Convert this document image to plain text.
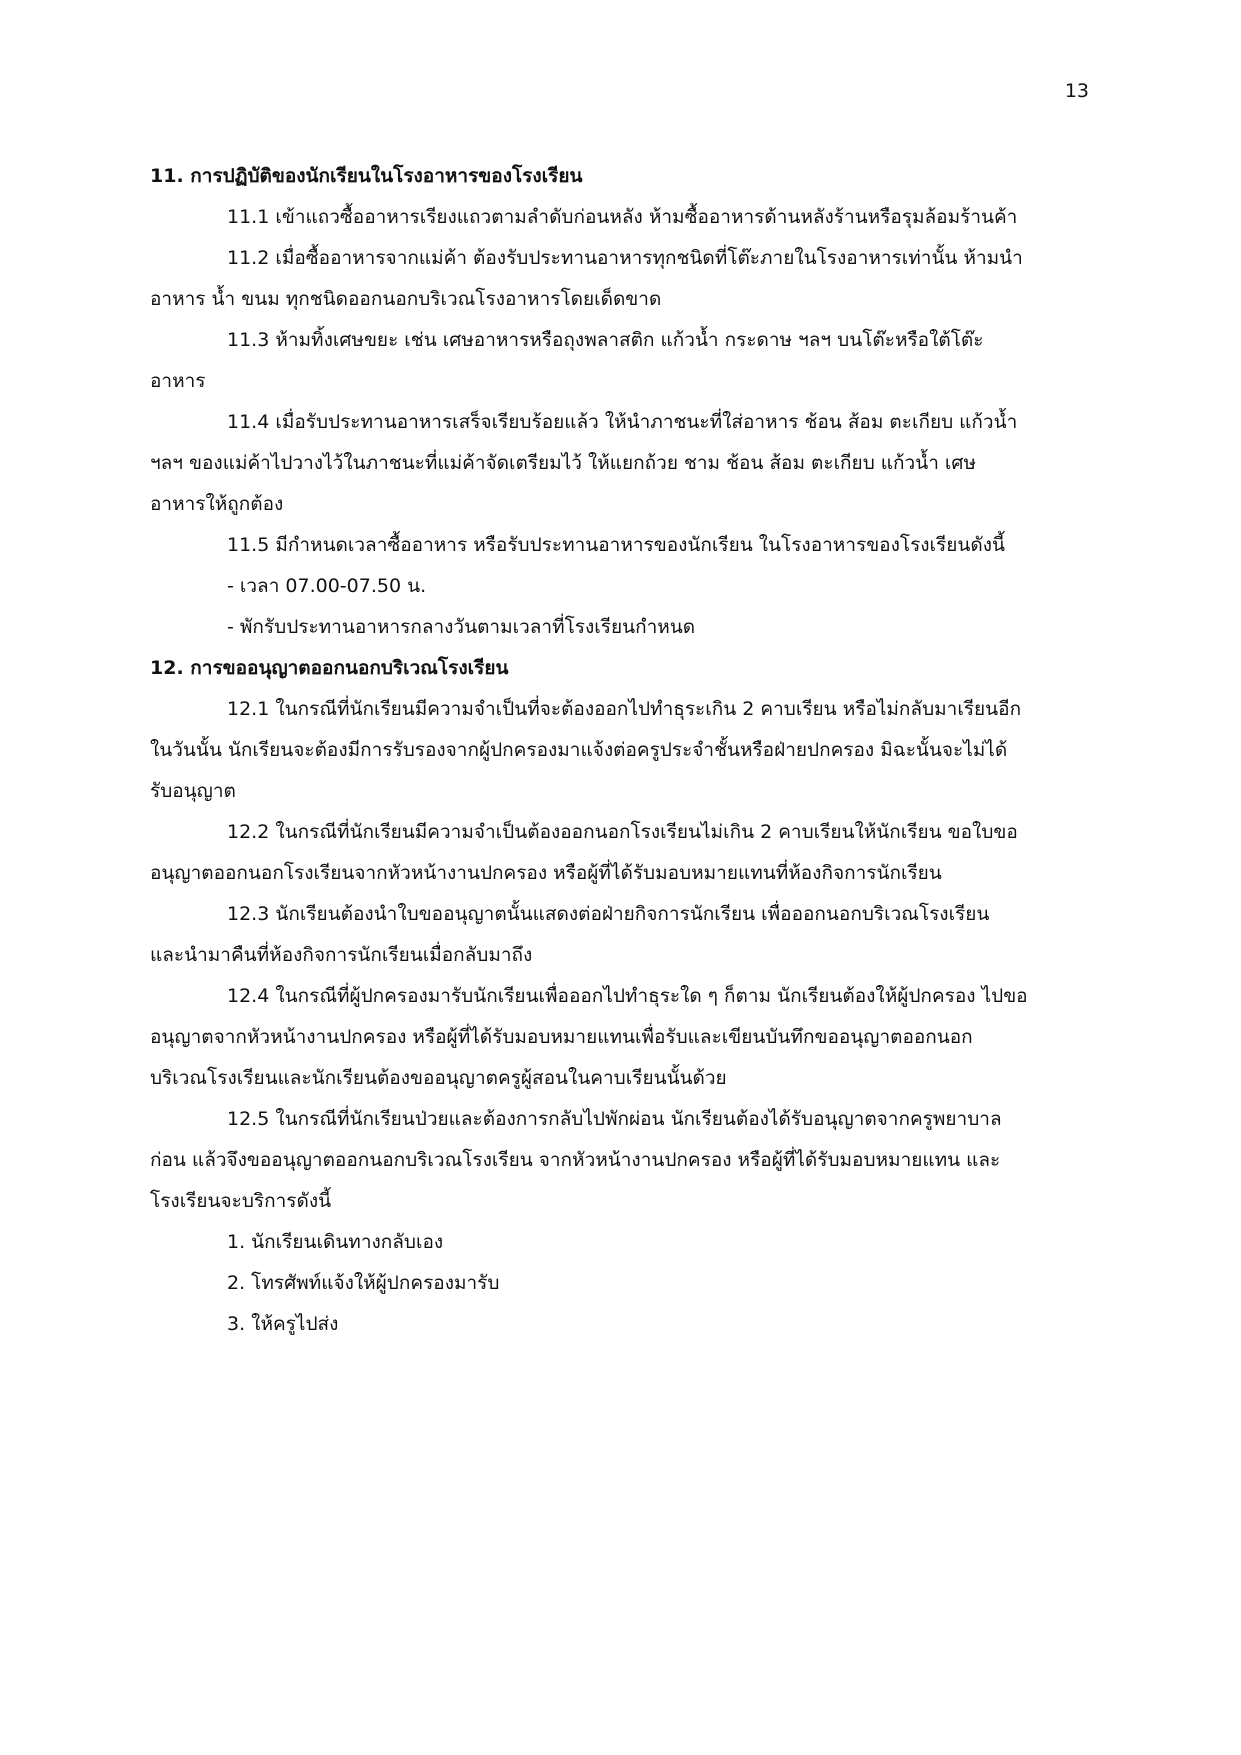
13
11. การปฏิบัติของนักเรียนในโรงอาหารของโรงเรียน
11.1 เข้าแถวซื้ออาหารเรียงแถวตามลำดับก่อนหลัง ห้ามซื้ออาหารด้านหลังร้านหรือรุมล้อมร้านค้า
11.2 เมื่อซื้ออาหารจากแม่ค้า ต้องรับประทานอาหารทุกชนิดที่โต๊ะภายในโรงอาหารเท่านั้น ห้ามนำ
อาหาร น้ำ ขนม ทุกชนิดออกนอกบริเวณโรงอาหารโดยเด็ดขาด
11.3 ห้ามทิ้งเศษขยะ เช่น เศษอาหารหรือถุงพลาสติก แก้วน้ำ กระดาษ ฯลฯ บนโต๊ะหรือใต้โต๊ะ
อาหาร
11.4 เมื่อรับประทานอาหารเสร็จเรียบร้อยแล้ว ให้นำภาชนะที่ใส่อาหาร ช้อน ส้อม ตะเกียบ แก้วน้ำ
ฯลฯ ของแม่ค้าไปวางไว้ในภาชนะที่แม่ค้าจัดเตรียมไว้ ให้แยกถ้วย ชาม ช้อน ส้อม ตะเกียบ แก้วน้ำ เศษ
อาหารให้ถูกต้อง
11.5 มีกำหนดเวลาซื้ออาหาร หรือรับประทานอาหารของนักเรียน ในโรงอาหารของโรงเรียนดังนี้
- เวลา 07.00-07.50 น.
- พักรับประทานอาหารกลางวันตามเวลาที่โรงเรียนกำหนด
12. การขออนุญาตออกนอกบริเวณโรงเรียน
12.1 ในกรณีที่นักเรียนมีความจำเป็นที่จะต้องออกไปทำธุระเกิน 2 คาบเรียน หรือไม่กลับมาเรียนอีก
ในวันนั้น นักเรียนจะต้องมีการรับรองจากผู้ปกครองมาแจ้งต่อครูประจำชั้นหรือฝ่ายปกครอง มิฉะนั้นจะไม่ได้
รับอนุญาต
12.2 ในกรณีที่นักเรียนมีความจำเป็นต้องออกนอกโรงเรียนไม่เกิน 2 คาบเรียนให้นักเรียน ขอใบขอ
อนุญาตออกนอกโรงเรียนจากหัวหน้างานปกครอง หรือผู้ที่ได้รับมอบหมายแทนที่ห้องกิจการนักเรียน
12.3 นักเรียนต้องนำใบขออนุญาตนั้นแสดงต่อฝ่ายกิจการนักเรียน เพื่อออกนอกบริเวณโรงเรียน
และนำมาคืนที่ห้องกิจการนักเรียนเมื่อกลับมาถึง
12.4 ในกรณีที่ผู้ปกครองมารับนักเรียนเพื่อออกไปทำธุระใด ๆ ก็ตาม นักเรียนต้องให้ผู้ปกครอง ไปขอ
อนุญาตจากหัวหน้างานปกครอง หรือผู้ที่ได้รับมอบหมายแทนเพื่อรับและเขียนบันทึกขออนุญาตออกนอก
บริเวณโรงเรียนและนักเรียนต้องขออนุญาตครูผู้สอนในคาบเรียนนั้นด้วย
12.5 ในกรณีที่นักเรียนป่วยและต้องการกลับไปพักผ่อน นักเรียนต้องได้รับอนุญาตจากครูพยาบาล
ก่อน แล้วจึงขออนุญาตออกนอกบริเวณโรงเรียน จากหัวหน้างานปกครอง หรือผู้ที่ได้รับมอบหมายแทน และ
โรงเรียนจะบริการดังนี้
1. นักเรียนเดินทางกลับเอง
2. โทรศัพท์แจ้งให้ผู้ปกครองมารับ
3. ให้ครูไปส่ง
